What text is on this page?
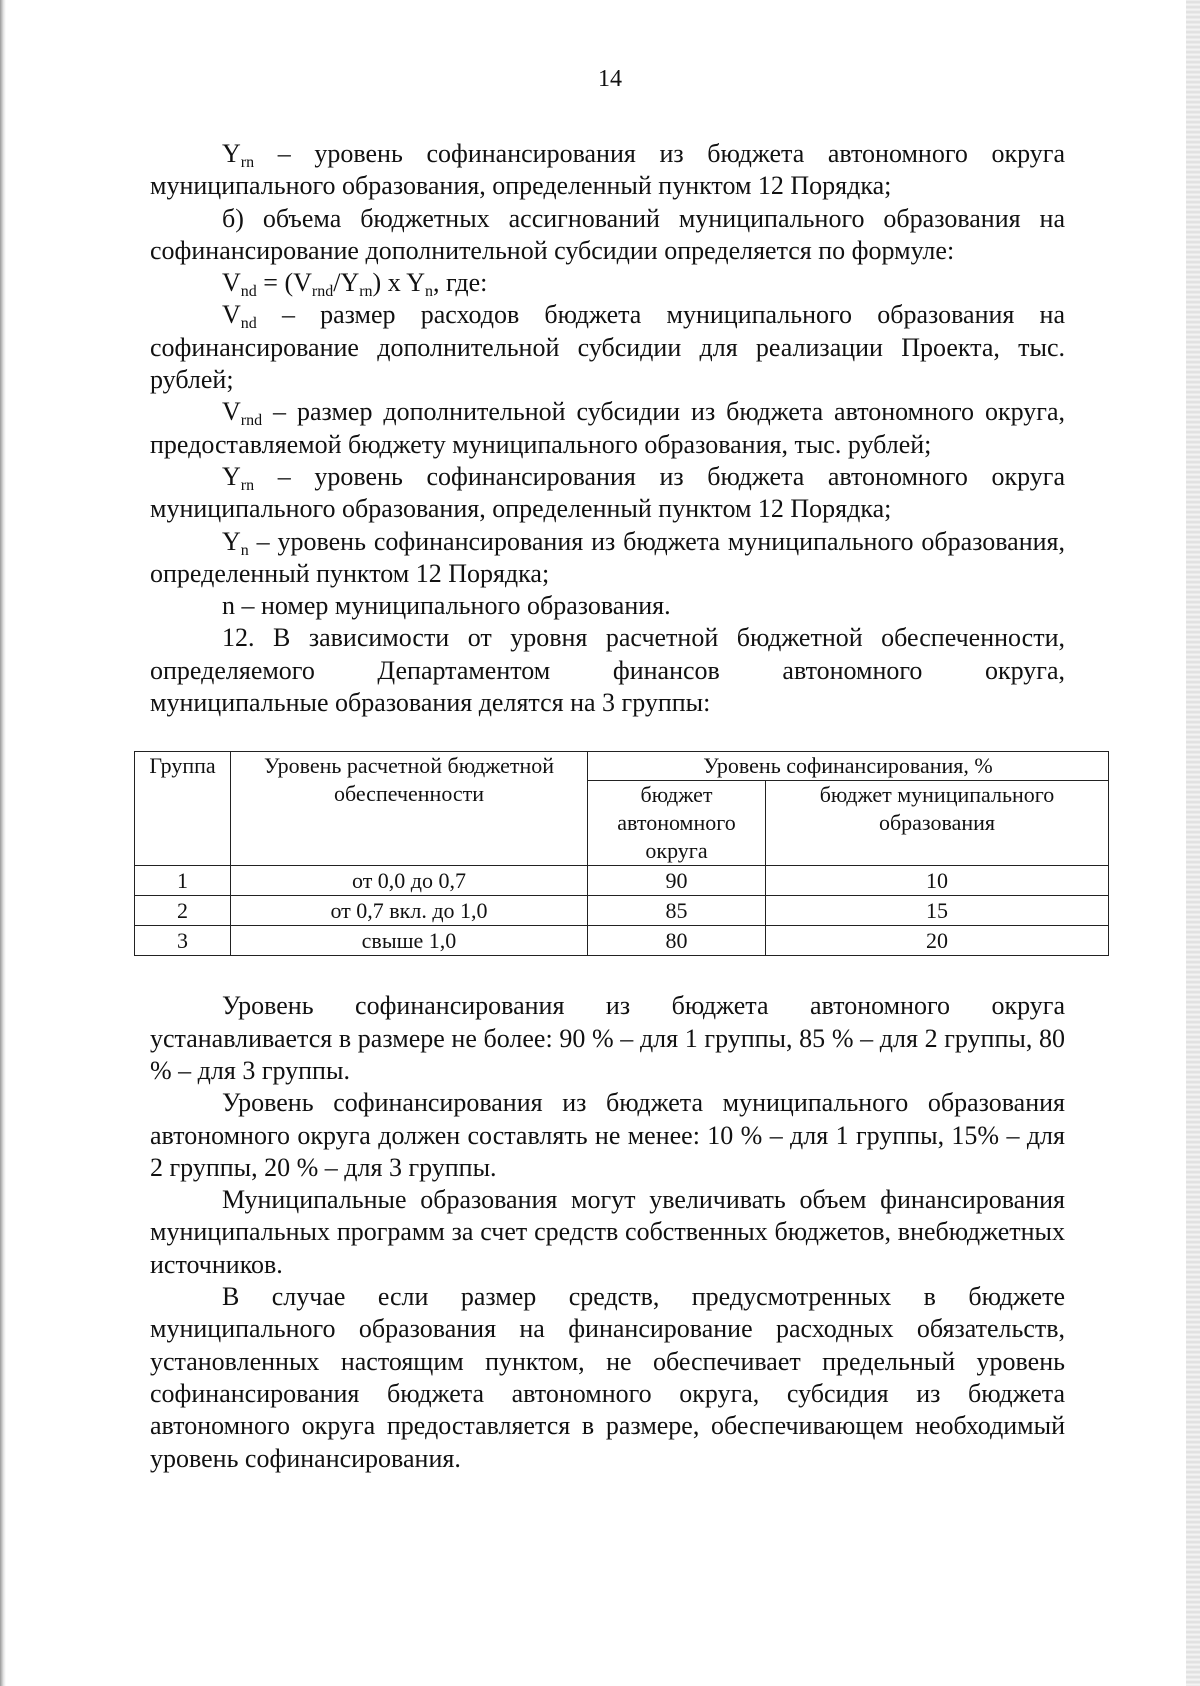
14

$Y_{rn}$ – уровень софинансирования из бюджета автономного округа муниципального образования, определенный пунктом 12 Порядка;

б) объема бюджетных ассигнований муниципального образования на софинансирование дополнительной субсидии определяется по формуле:

$V_{nd} = (V_{rnd}/Y_{rn})$ x $Y_n$, где:

$V_{nd}$ – размер расходов бюджета муниципального образования на софинансирование дополнительной субсидии для реализации Проекта, тыс. рублей;

$V_{rnd}$ – размер дополнительной субсидии из бюджета автономного округа, предоставляемой бюджету муниципального образования, тыс. рублей;

$Y_{rn}$ – уровень софинансирования из бюджета автономного округа муниципального образования, определенный пунктом 12 Порядка;

$Y_n$ – уровень софинансирования из бюджета муниципального образования, определенный пунктом 12 Порядка;

n – номер муниципального образования.

12. В зависимости от уровня расчетной бюджетной обеспеченности,

определяемого Департаментом финансов автономного округа,

муниципальные образования делятся на 3 группы:

Группа	Уровень расчетной бюджетной обеспеченности	Уровень софинансирования, %	
		бюджет автономного округа	бюджет муниципального образования
1	от 0,0 до 0,7	90	10
2	от 0,7 вкл. до 1,0	85	15
3	свыше 1,0	80	20

Уровень софинансирования из бюджета автономного округа устанавливается в размере не более: 90 % – для 1 группы, 85 % – для 2 группы, 80 % – для 3 группы.

Уровень софинансирования из бюджета муниципального образования автономного округа должен составлять не менее: 10 % – для 1 группы, 15% – для 2 группы, 20 % – для 3 группы.

Муниципальные образования могут увеличивать объем финансирования муниципальных программ за счет средств собственных бюджетов, внебюджетных источников.

В случае если размер средств, предусмотренных в бюджете муниципального образования на финансирование расходных обязательств, установленных настоящим пунктом, не обеспечивает предельный уровень софинансирования бюджета автономного округа, субсидия из бюджета автономного округа предоставляется в размере, обеспечивающем необходимый уровень софинансирования.
